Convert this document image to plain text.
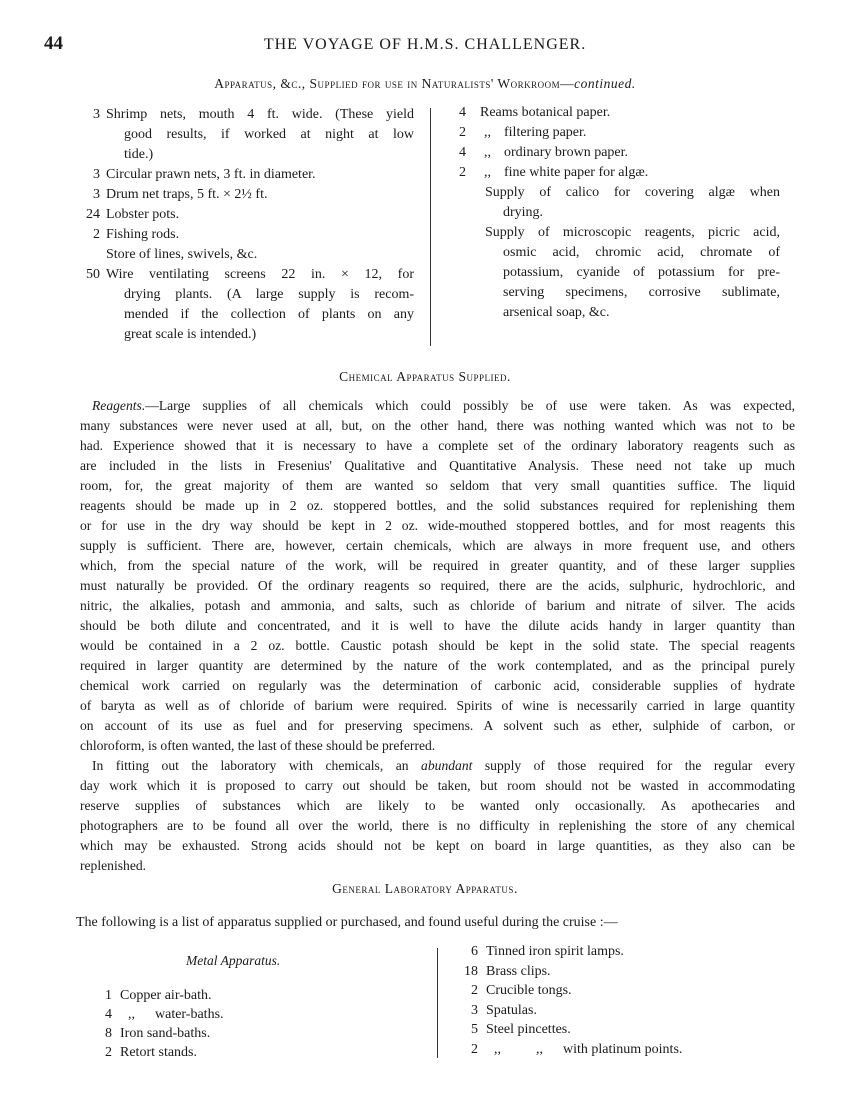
44	THE VOYAGE OF H.M.S. CHALLENGER.
Apparatus, &c., Supplied for use in Naturalists' Workroom—continued.
3 Shrimp nets, mouth 4 ft. wide. (These yield
good results, if worked at night at low
tide.)
3 Circular prawn nets, 3 ft. in diameter.
3 Drum net traps, 5 ft. × 2½ ft.
24 Lobster pots.
2 Fishing rods.
Store of lines, swivels, &c.
50 Wire ventilating screens 22 in. × 12, for
drying plants. (A large supply is recom-
mended if the collection of plants on any
great scale is intended.)
4 Reams botanical paper.
2 ,, filtering paper.
4 ,, ordinary brown paper.
2 ,, fine white paper for algæ.
Supply of calico for covering algæ when
drying.
Supply of microscopic reagents, picric acid,
osmic acid, chromic acid, chromate of
potassium, cyanide of potassium for pre-
serving specimens, corrosive sublimate,
arsenical soap, &c.
Chemical Apparatus Supplied.
Reagents.—Large supplies of all chemicals which could possibly be of use were taken. As was expected,
many substances were never used at all, but, on the other hand, there was nothing wanted which was not to be
had. Experience showed that it is necessary to have a complete set of the ordinary laboratory reagents such as
are included in the lists in Fresenius' Qualitative and Quantitative Analysis. These need not take up much
room, for, the great majority of them are wanted so seldom that very small quantities suffice. The liquid
reagents should be made up in 2 oz. stoppered bottles, and the solid substances required for replenishing them
or for use in the dry way should be kept in 2 oz. wide-mouthed stoppered bottles, and for most reagents this
supply is sufficient. There are, however, certain chemicals, which are always in more frequent use, and others
which, from the special nature of the work, will be required in greater quantity, and of these larger supplies
must naturally be provided. Of the ordinary reagents so required, there are the acids, sulphuric, hydrochloric, and
nitric, the alkalies, potash and ammonia, and salts, such as chloride of barium and nitrate of silver. The acids
should be both dilute and concentrated, and it is well to have the dilute acids handy in larger quantity than
would be contained in a 2 oz. bottle. Caustic potash should be kept in the solid state. The special reagents
required in larger quantity are determined by the nature of the work contemplated, and as the principal purely
chemical work carried on regularly was the determination of carbonic acid, considerable supplies of hydrate
of baryta as well as of chloride of barium were required. Spirits of wine is necessarily carried in large quantity
on account of its use as fuel and for preserving specimens. A solvent such as ether, sulphide of carbon, or
chloroform, is often wanted, the last of these should be preferred.
In fitting out the laboratory with chemicals, an abundant supply of those required for the regular every
day work which it is proposed to carry out should be taken, but room should not be wasted in accommodating
reserve supplies of substances which are likely to be wanted only occasionally. As apothecaries and
photographers are to be found all over the world, there is no difficulty in replenishing the store of any chemical
which may be exhausted. Strong acids should not be kept on board in large quantities, as they also can be
replenished.
General Laboratory Apparatus.
The following is a list of apparatus supplied or purchased, and found useful during the cruise :—
Metal Apparatus.
1 Copper air-bath.
4 ,, water-baths.
8 Iron sand-baths.
2 Retort stands.
6 Tinned iron spirit lamps.
18 Brass clips.
2 Crucible tongs.
3 Spatulas.
5 Steel pincettes.
2 ,,          ,, with platinum points.
